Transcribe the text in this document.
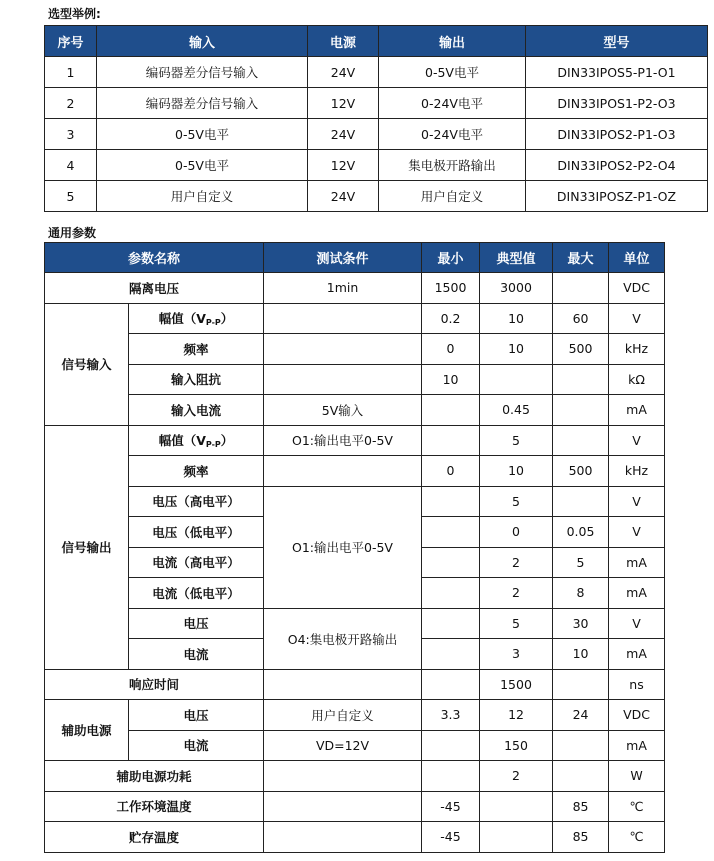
选型举例:
序号	输入	电源	输出	型号
1	编码器差分信号输入	24V	0-5V电平	DIN33IPOS5-P1-O1
2	编码器差分信号输入	12V	0-24V电平	DIN33IPOS1-P2-O3
3	0-5V电平	24V	0-24V电平	DIN33IPOS2-P1-O3
4	0-5V电平	12V	集电极开路输出	DIN33IPOS2-P2-O4
5	用户自定义	24V	用户自定义	DIN33IPOSZ-P1-OZ
通用参数
参数名称		测试条件	最小	典型值	最大	单位
隔离电压		1min	1500	3000		VDC
信号输入	幅值$(V_{P-P})$		0.2	10	60	V
	频率		0	10	500	kHz
	输入阻抗		10			kΩ
	输入电流	5V输入		0.45		mA
信号输出	幅值$(V_{P-P})$	O1:输出电平0-5V		5		V
	频率		0	10	500	kHz
	电压（高电平）	O1:输出电平0-5V		5		V
	电压（低电平）			0	0.05	V
	电流（高电平）			2	5	mA
	电流（低电平）			2	8	mA
	电压	O4:集电极开路输出		5	30	V
	电流			3	10	mA
响应时间				1500		ns
辅助电源	电压	用户自定义	3.3	12	24	VDC
	电流	VD=12V		150		mA
辅助电源功耗				2		W
工作环境温度			-45		85	℃
贮存温度			-45		85	℃
